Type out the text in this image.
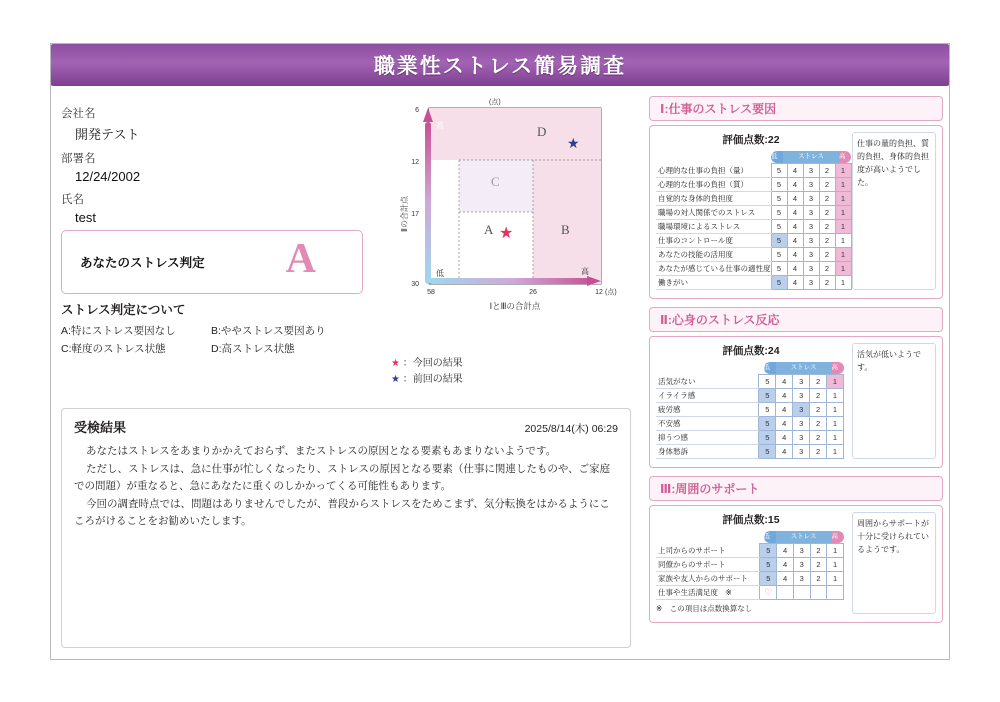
職業性ストレス簡易調査
会社名
開発テスト
部署名
12/24/2002
氏名
test
あなたのストレス判定 A
ストレス判定について
A:特にストレス要因なし	B:ややストレス要因あり
C:軽度のストレス状態	D:高ストレス状態
D
C
A	B
★
★
6
12
17
30
58	26	12
高
低	高
(点)
(点)
Ⅱの合計点
ⅠとⅢの合計点
★ ：今回の結果
★ ：前回の結果
受検結果	2025/8/14(木) 06:29

あなたはストレスをあまりかかえておらず、またストレスの原因となる要素もあまりないようです。

ただし、ストレスは、急に仕事が忙しくなったり、ストレスの原因となる要素（仕事に関連したものや、ご家庭での問題）が重なると、急にあなたに重くのしかかってくる可能性もあります。

今回の調査時点では、問題はありませんでしたが、普段からストレスをためこまず、気分転換をはかるようにこころがけることをお勧めいたします。

Ⅰ:仕事のストレス要因
評価点数:22

	低 ストレス 高				

心理的な仕事の負担（量）	5	4	3	2	1
心理的な仕事の負担（質）	5	4	3	2	1
自覚的な身体的負担度	5	4	3	2	1
職場の対人関係でのストレス	5	4	3	2	1
職場環境によるストレス	5	4	3	2	1
仕事のコントロール度	5	4	3	2	1
あなたの技能の活用度	5	4	3	2	1
あなたが感じている仕事の適性度	5	4	3	2	1
働きがい	5	4	3	2	1
仕事の量的負担、質的負担、身体的負担度が高いようでした。
Ⅱ:心身のストレス反応
評価点数:24

	低 ストレス 高				

活気がない	5	4	3	2	1
イライラ感	5	4	3	2	1
疲労感	5	4	3	2	1
不安感	5	4	3	2	1
抑うつ感	5	4	3	2	1
身体愁訴	5	4	3	2	1
活気が低いようです。
Ⅲ:周囲のサポート
評価点数:15

	低 ストレス 高				

上司からのサポート	5	4	3	2	1
同僚からのサポート	5	4	3	2	1
家族や友人からのサポート	5	4	3	2	1
仕事や生活満足度　※	♡				
※　この項目は点数換算なし
周囲からサポートが十分に受けられているようです。
